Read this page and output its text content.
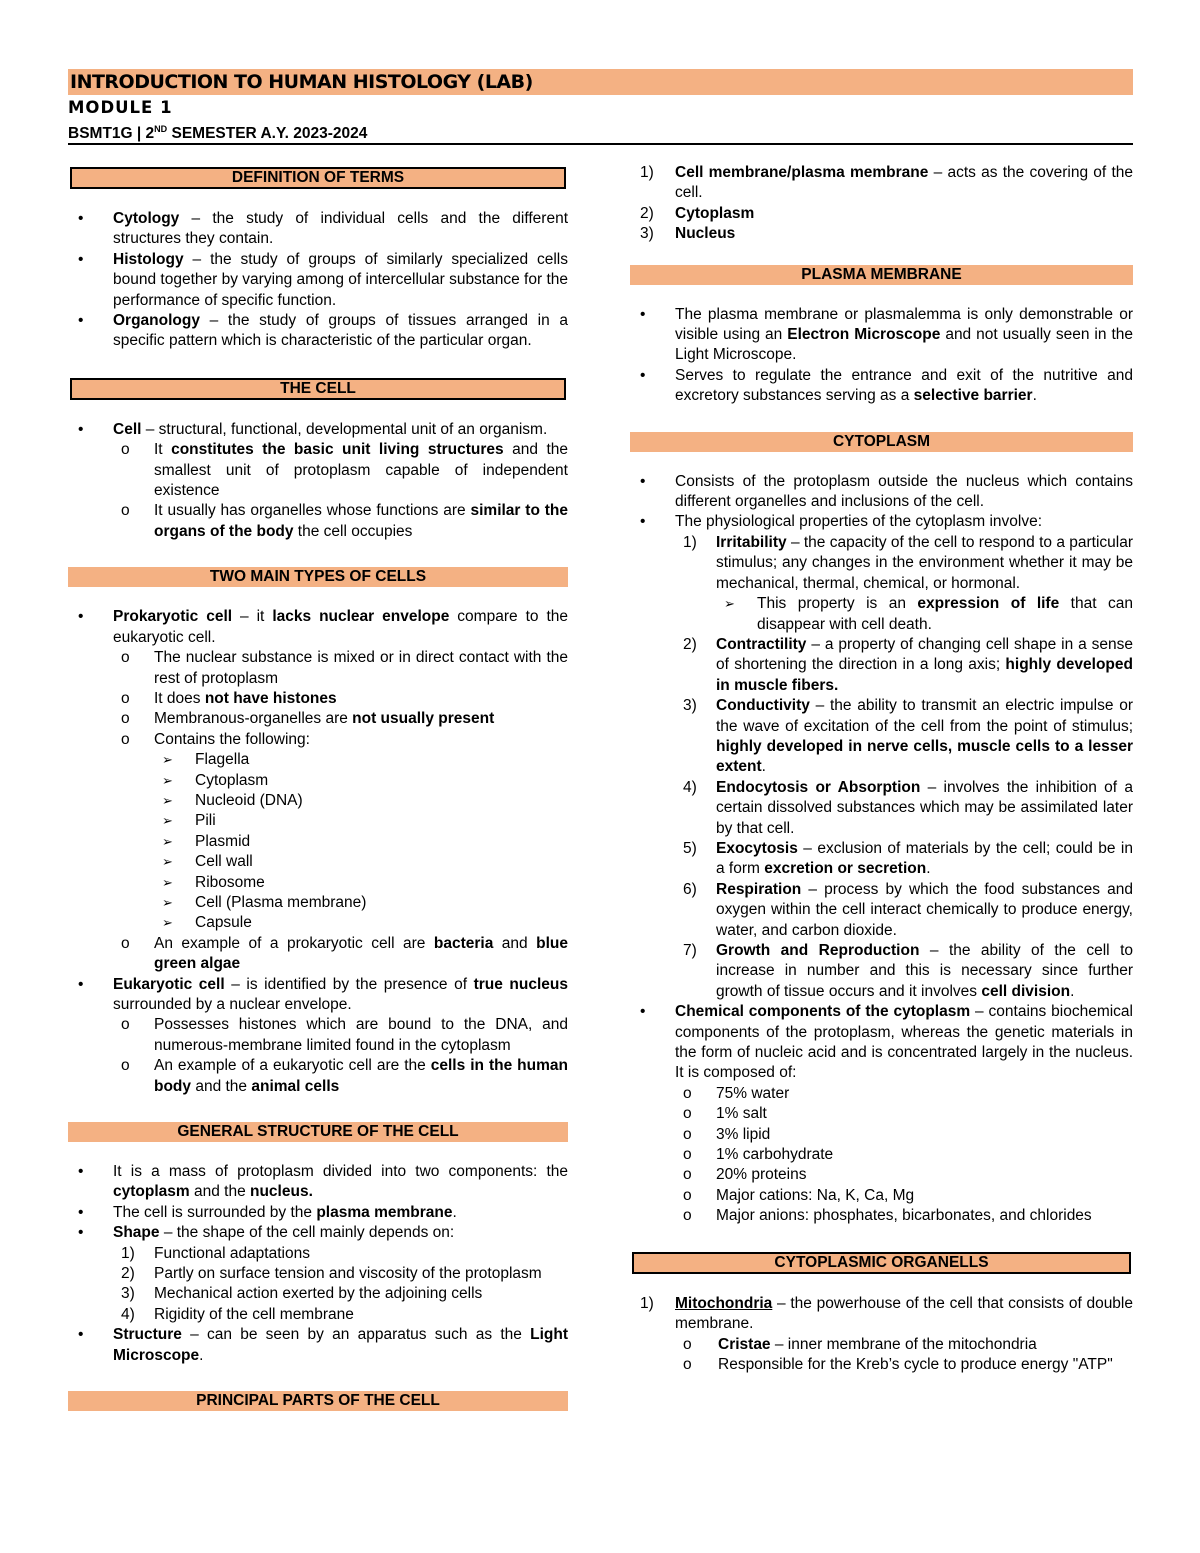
INTRODUCTION TO HUMAN HISTOLOGY (LAB)
MODULE 1
BSMT1G | 2ND SEMESTER A.Y. 2023-2024
DEFINITION OF TERMS
• Cytology – the study of individual cells and the different structures they contain.
• Histology – the study of groups of similarly specialized cells bound together by varying among of intercellular substance for the performance of specific function.
• Organology – the study of groups of tissues arranged in a specific pattern which is characteristic of the particular organ.
THE CELL
• Cell – structural, functional, developmental unit of an organism.
o It constitutes the basic unit living structures and the smallest unit of protoplasm capable of independent existence
o It usually has organelles whose functions are similar to the organs of the body the cell occupies
TWO MAIN TYPES OF CELLS
• Prokaryotic cell – it lacks nuclear envelope compare to the eukaryotic cell.
o The nuclear substance is mixed or in direct contact with the rest of protoplasm
o It does not have histones
o Membranous-organelles are not usually present
o Contains the following:
➢ Flagella
➢ Cytoplasm
➢ Nucleoid (DNA)
➢ Pili
➢ Plasmid
➢ Cell wall
➢ Ribosome
➢ Cell (Plasma membrane)
➢ Capsule
o An example of a prokaryotic cell are bacteria and blue green algae
• Eukaryotic cell – is identified by the presence of true nucleus surrounded by a nuclear envelope.
o Possesses histones which are bound to the DNA, and numerous-membrane limited found in the cytoplasm
o An example of a eukaryotic cell are the cells in the human body and the animal cells
GENERAL STRUCTURE OF THE CELL
• It is a mass of protoplasm divided into two components: the cytoplasm and the nucleus.
• The cell is surrounded by the plasma membrane.
• Shape – the shape of the cell mainly depends on:
1) Functional adaptations
2) Partly on surface tension and viscosity of the protoplasm
3) Mechanical action exerted by the adjoining cells
4) Rigidity of the cell membrane
• Structure – can be seen by an apparatus such as the Light Microscope.
PRINCIPAL PARTS OF THE CELL
1) Cell membrane/plasma membrane – acts as the covering of the cell.
2) Cytoplasm
3) Nucleus
PLASMA MEMBRANE
• The plasma membrane or plasmalemma is only demonstrable or visible using an Electron Microscope and not usually seen in the Light Microscope.
• Serves to regulate the entrance and exit of the nutritive and excretory substances serving as a selective barrier.
CYTOPLASM
• Consists of the protoplasm outside the nucleus which contains different organelles and inclusions of the cell.
• The physiological properties of the cytoplasm involve:
1) Irritability – the capacity of the cell to respond to a particular stimulus; any changes in the environment whether it may be mechanical, thermal, chemical, or hormonal.
➢ This property is an expression of life that can disappear with cell death.
2) Contractility – a property of changing cell shape in a sense of shortening the direction in a long axis; highly developed in muscle fibers.
3) Conductivity – the ability to transmit an electric impulse or the wave of excitation of the cell from the point of stimulus; highly developed in nerve cells, muscle cells to a lesser extent.
4) Endocytosis or Absorption – involves the inhibition of a certain dissolved substances which may be assimilated later by that cell.
5) Exocytosis – exclusion of materials by the cell; could be in a form excretion or secretion.
6) Respiration – process by which the food substances and oxygen within the cell interact chemically to produce energy, water, and carbon dioxide.
7) Growth and Reproduction – the ability of the cell to increase in number and this is necessary since further growth of tissue occurs and it involves cell division.
• Chemical components of the cytoplasm – contains biochemical components of the protoplasm, whereas the genetic materials in the form of nucleic acid and is concentrated largely in the nucleus. It is composed of:
o 75% water
o 1% salt
o 3% lipid
o 1% carbohydrate
o 20% proteins
o Major cations: Na, K, Ca, Mg
o Major anions: phosphates, bicarbonates, and chlorides
CYTOPLASMIC ORGANELLS
1) Mitochondria – the powerhouse of the cell that consists of double membrane.
o Cristae – inner membrane of the mitochondria
o Responsible for the Kreb’s cycle to produce energy "ATP"
